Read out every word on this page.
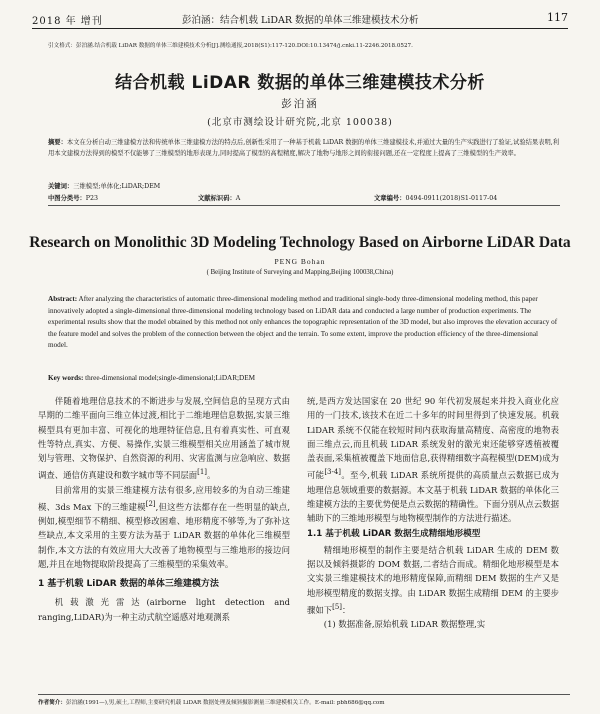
2018 年 增刊	彭泊涵：结合机载 LiDAR 数据的单体三维建模技术分析	117
引文格式：彭泊涵.结合机载 LiDAR 数据的单体三维建模技术分析[J].测绘通报,2018(S1):117-120.DOI:10.13474/j.cnki.11-2246.2018.0527.
结合机载 LiDAR 数据的单体三维建模技术分析
彭泊涵
(北京市测绘设计研究院,北京 100038)
摘要：本文在分析自动三维建模方法和传统单体三维建模方法的特点后,创新性采用了一种基于机载 LiDAR 数据的单体三维建模技术,并通过大量的生产实践进行了验证,试验结果表明,利用本文建模方法得到的模型不仅能够了三维模型的地形表现力,同时提高了模型的高程精度,解决了地物与地形之间的衔接问题,还在一定程度上提高了三维模型的生产效率。
关键词：三维模型;单体化;LiDAR;DEM
中图分类号：P23	文献标识码：A	文章编号：0494-0911(2018)S1-0117-04
Research on Monolithic 3D Modeling Technology Based on Airborne LiDAR Data
PENG Bohan
( Beijing Institute of Surveying and Mapping,Beijing 100038,China)
Abstract: After analyzing the characteristics of automatic three-dimensional modeling method and traditional single-body three-dimensional modeling method, this paper innovatively adopted a single-dimensional three-dimensional modeling technology based on LiDAR data and conducted a large number of production experiments. The experimental results show that the model obtained by this method not only enhances the topographic representation of the 3D model, but also improves the elevation accuracy of the feature model and solves the problem of the connection between the object and the terrain. To some extent, improve the production efficiency of the three-dimensional model.
Key words: three-dimensional model;single-dimensional;LiDAR;DEM

伴随着地理信息技术的不断进步与发展,空间信息的呈现方式由早期的二维平面向三维立体过渡,相比于二维地理信息数据,实景三维模型具有更加丰富、可视化的地理特征信息,且有着真实性、可直观性等特点,真实、方便、易操作,实景三维模型相关应用涵盖了城市规划与管理、文物保护、自然资源的利用、灾害监测与应急响应、数据调查、通信仿真建设和数字城市等不同层面[1]。

目前常用的实景三维建模方法有很多,应用较多的为自动三维建模、3ds Max 下的三维建模[2],但这些方法都存在一些明显的缺点,例如,模型细节不精细、模型修改困难、地形精度不够等,为了弥补这些缺点,本文采用的主要方法为基于 LiDAR 数据的单体化三维模型制作,本文方法的有效应用大大改善了地物模型与三维地形的接边问题,并且在地物提取阶段提高了三维模型的采集效率。

1 基于机载 LiDAR 数据的单体三维建模方法

机载激光雷达(airborne light detection and ranging,LiDAR)为一种主动式航空遥感对地观测系

统,是西方发达国家在 20 世纪 90 年代初发展起来并投入商业化应用的一门技术,该技术在近二十多年的时间里得到了快速发展。机载 LiDAR 系统不仅能在较短时间内获取海量高精度、高密度的地物表面三维点云,而且机载 LiDAR 系统发射的激光束还能够穿透植被覆盖表面,采集植被覆盖下地面信息,获得精细数字高程模型(DEM)成为可能[3-4]。至今,机载 LiDAR 系统所提供的高质量点云数据已成为地理信息领域重要的数据源。本文基于机载 LiDAR 数据的单体化三维建模方法的主要优势便是点云数据的精确性。下面分别从点云数据辅助下的三维地形模型与地物模型制作的方法进行描述。

1.1 基于机载 LiDAR 数据生成精细地形模型

精细地形模型的制作主要是结合机载 LiDAR 生成的 DEM 数据以及倾斜摄影的 DOM 数据,二者结合而成。精细化地形模型是本文实景三维建模技术的地形精度保障,而精细 DEM 数据的生产又是地形模型精度的数据支撑。由 LiDAR 数据生成精细 DEM 的主要步骤如下[5]：

(1) 数据准备,原始机载 LiDAR 数据整理,实

作者简介：彭泊涵(1991—),男,硕士,工程师,主要研究机载 LiDAR 数据处理及倾斜摄影测量三维建模相关工作。E-mail: pbh686@qq.com
